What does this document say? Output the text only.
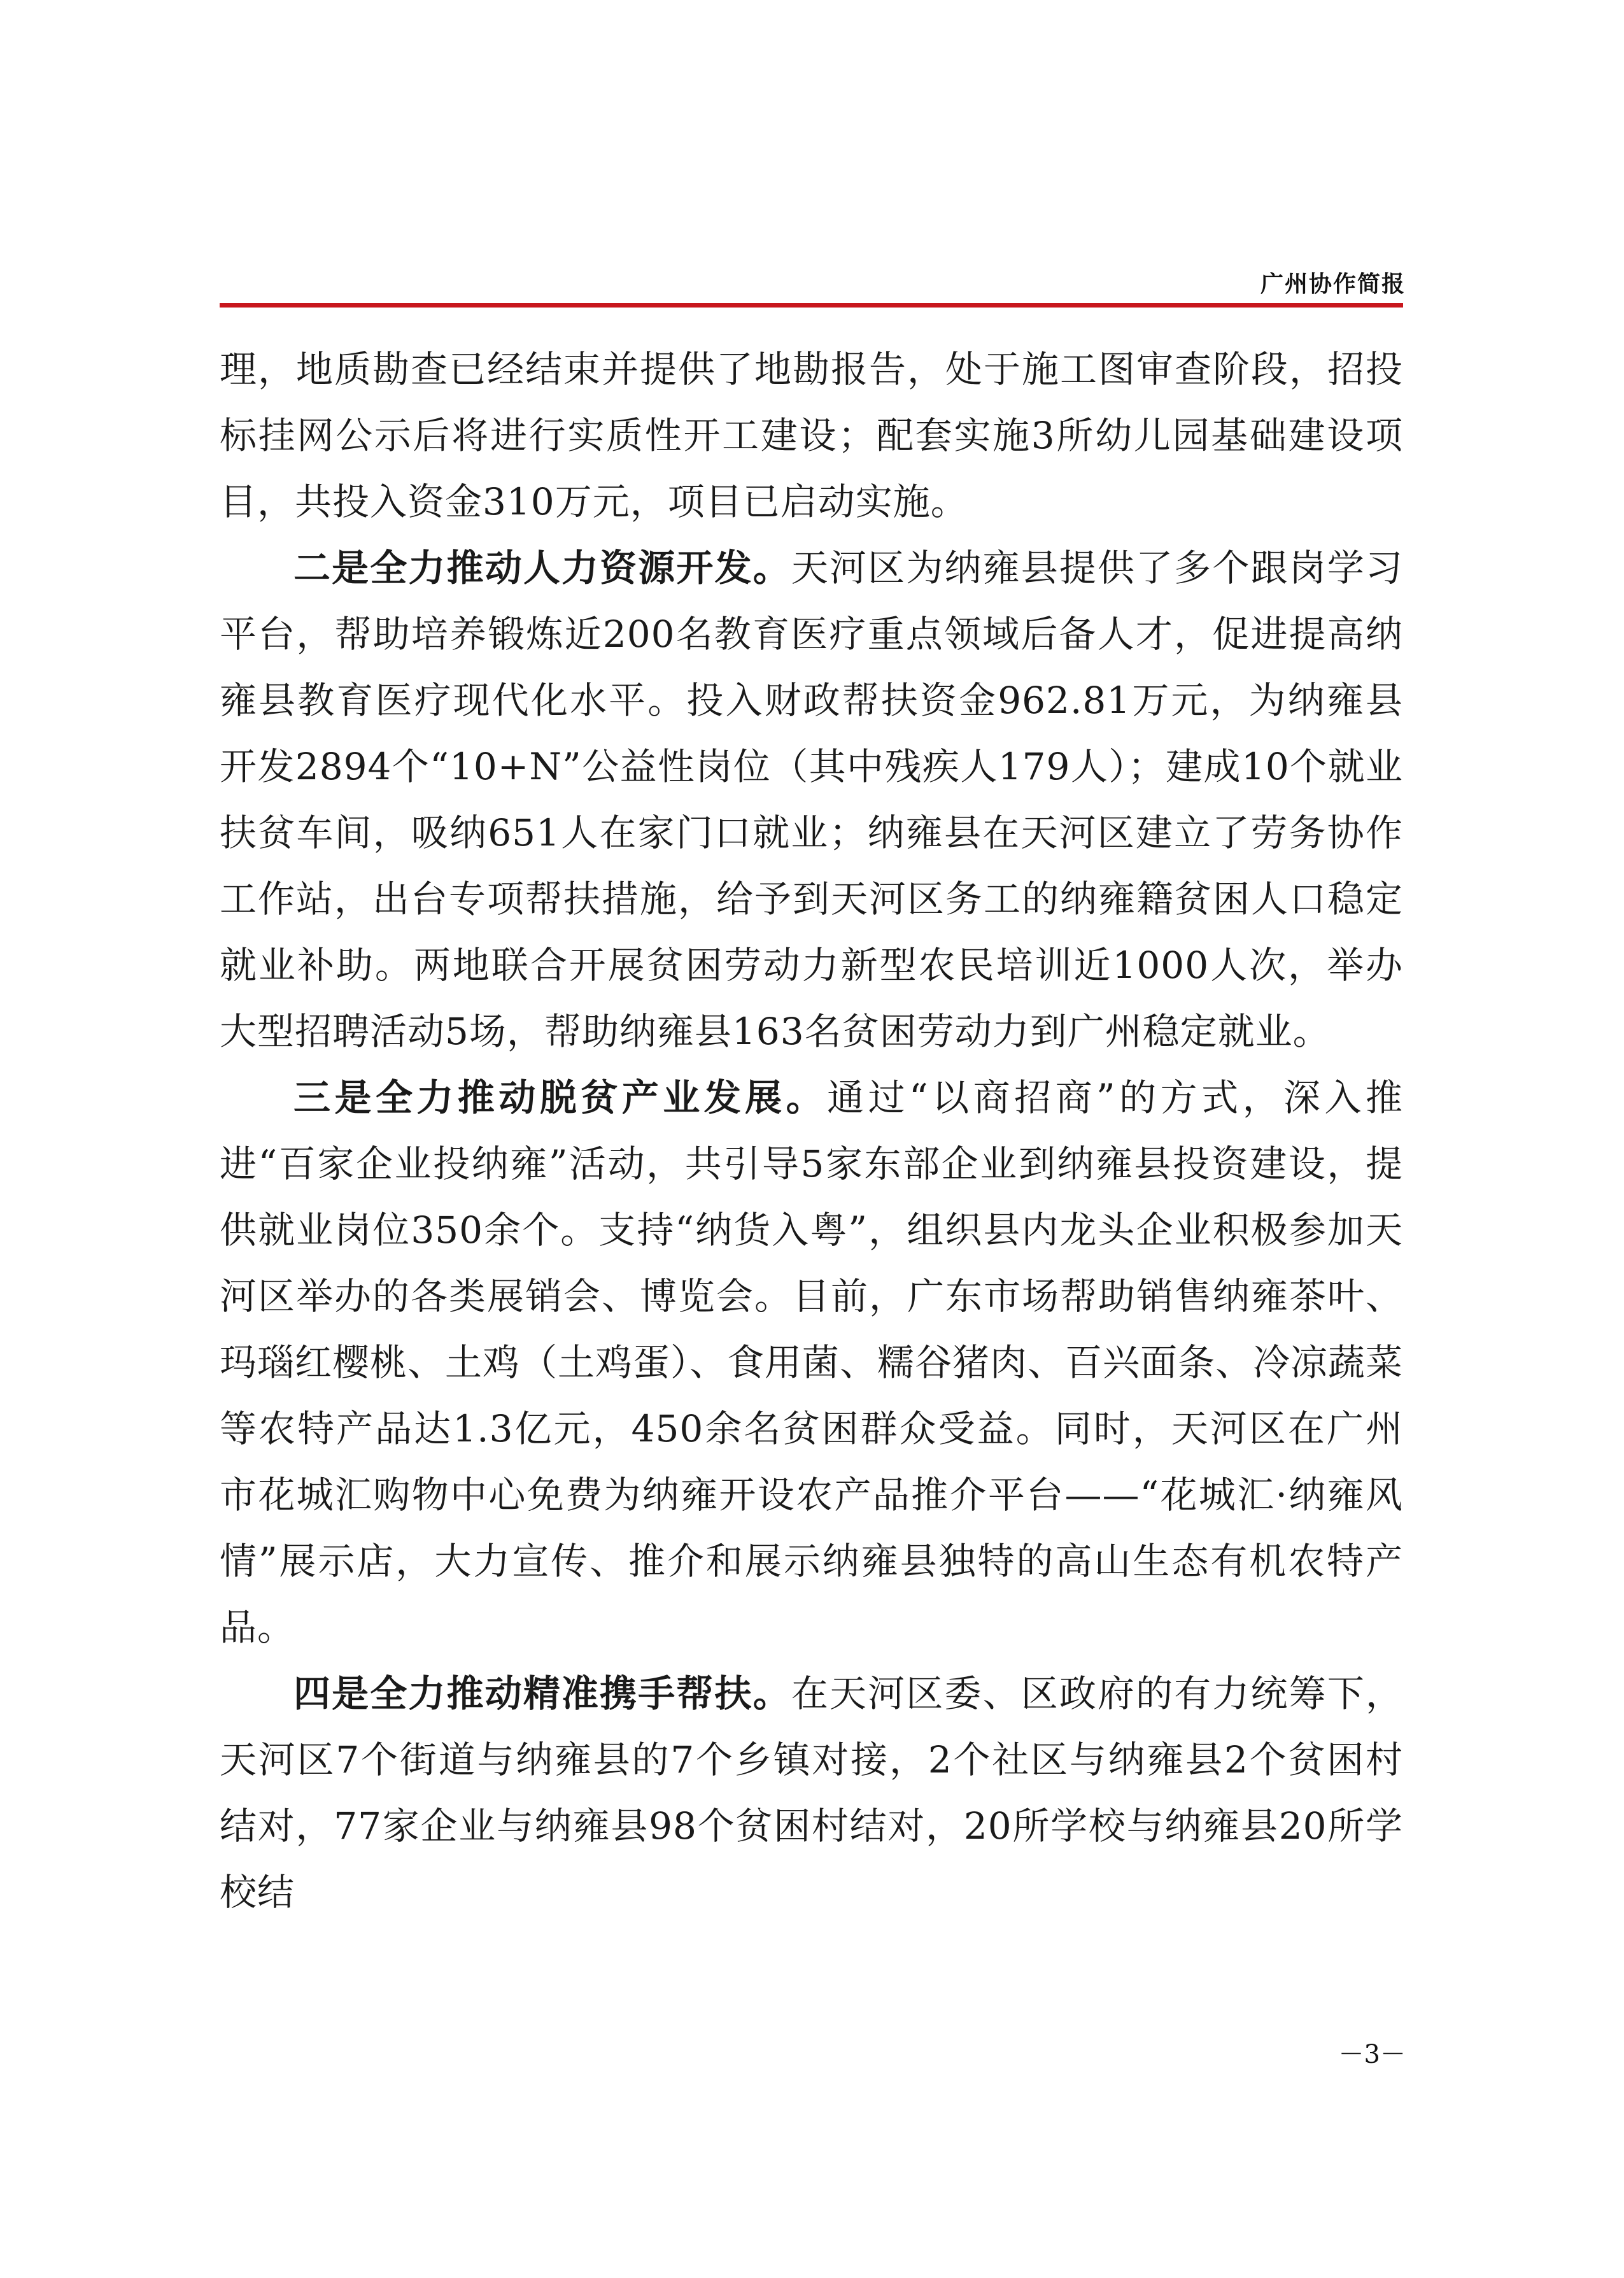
广州协作简报

理，地质勘查已经结束并提供了地勘报告，处于施工图审查阶段，招投标挂网公示后将进行实质性开工建设；配套实施3所幼儿园基础建设项目，共投入资金310万元，项目已启动实施。

二是全力推动人力资源开发。天河区为纳雍县提供了多个跟岗学习平台，帮助培养锻炼近200名教育医疗重点领域后备人才，促进提高纳雍县教育医疗现代化水平。投入财政帮扶资金962.81万元，为纳雍县开发2894个“10+N”公益性岗位（其中残疾人179人）；建成10个就业扶贫车间，吸纳651人在家门口就业；纳雍县在天河区建立了劳务协作工作站，出台专项帮扶措施，给予到天河区务工的纳雍籍贫困人口稳定就业补助。两地联合开展贫困劳动力新型农民培训近1000人次，举办大型招聘活动5场，帮助纳雍县163名贫困劳动力到广州稳定就业。

三是全力推动脱贫产业发展。通过“以商招商”的方式，深入推进“百家企业投纳雍”活动，共引导5家东部企业到纳雍县投资建设，提供就业岗位350余个。支持“纳货入粤”，组织县内龙头企业积极参加天河区举办的各类展销会、博览会。目前，广东市场帮助销售纳雍茶叶、玛瑙红樱桃、土鸡（土鸡蛋）、食用菌、糯谷猪肉、百兴面条、冷凉蔬菜等农特产品达1.3亿元，450余名贫困群众受益。同时，天河区在广州市花城汇购物中心免费为纳雍开设农产品推介平台——“花城汇·纳雍风情”展示店，大力宣传、推介和展示纳雍县独特的高山生态有机农特产品。

四是全力推动精准携手帮扶。在天河区委、区政府的有力统筹下，天河区7个街道与纳雍县的7个乡镇对接，2个社区与纳雍县2个贫困村结对，77家企业与纳雍县98个贫困村结对，20所学校与纳雍县20所学校结

－3－
